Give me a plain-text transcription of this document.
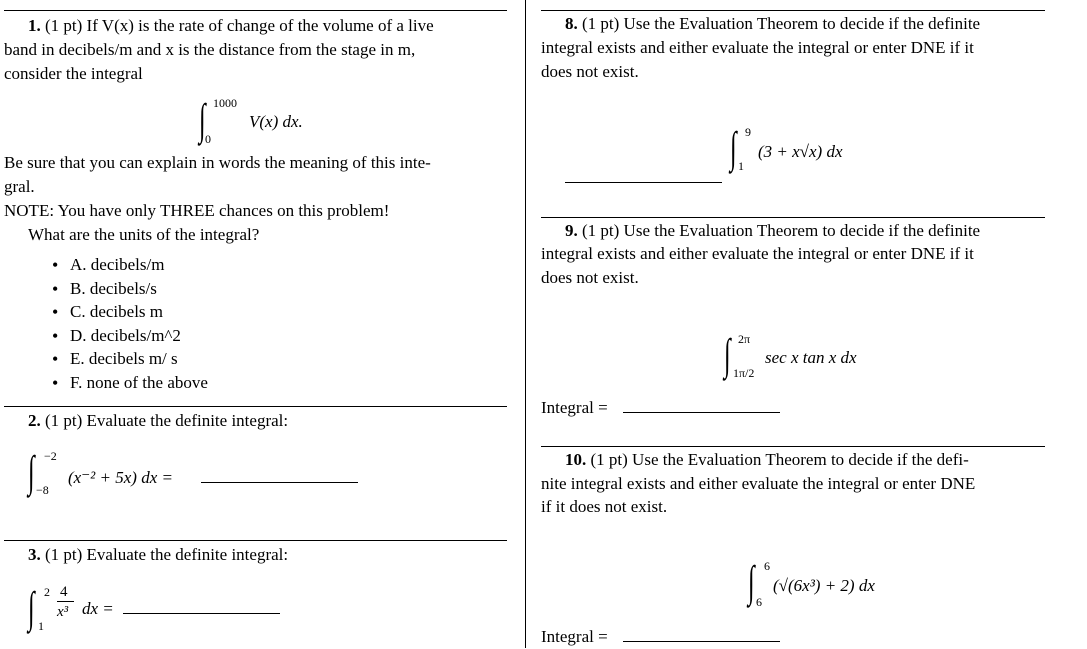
1. (1 pt) If V(x) is the rate of change of the volume of a live
band in decibels/m and x is the distance from the stage in m,
consider the integral
∫ 1000
0
V(x) dx.
Be sure that you can explain in words the meaning of this inte-
gral.
NOTE: You have only THREE chances on this problem!
What are the units of the integral?
• A. decibels/m
• B. decibels/s
• C. decibels m
• D. decibels/m^2
• E. decibels m/ s
• F. none of the above
2. (1 pt) Evaluate the definite integral:
∫ −2
−8
(x⁻² + 5x) dx =
3. (1 pt) Evaluate the definite integral:
∫ 2
1
4
x³ dx =
8. (1 pt) Use the Evaluation Theorem to decide if the definite
integral exists and either evaluate the integral or enter DNE if it
does not exist.
∫ 9
1
(3 + x√x) dx
9. (1 pt) Use the Evaluation Theorem to decide if the definite
integral exists and either evaluate the integral or enter DNE if it
does not exist.
∫ 2π
1π/2
sec x tan x dx
Integral =
10. (1 pt) Use the Evaluation Theorem to decide if the defi-
nite integral exists and either evaluate the integral or enter DNE
if it does not exist.
∫ 6
6
(√(6x³) + 2) dx
Integral =
